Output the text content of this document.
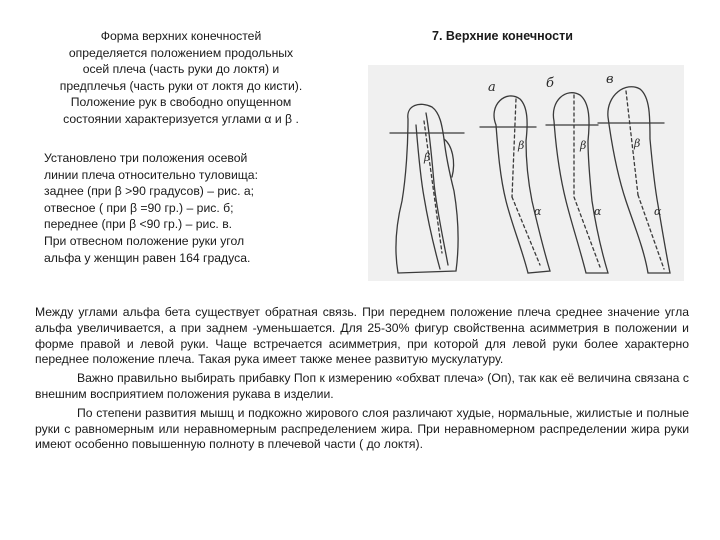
Форма верхних конечностей

определяется положением продольных

осей плеча (часть руки до локтя) и

предплечья (часть руки от локтя до кисти).

Положение рук в свободно опущенном

состоянии характеризуется углами α и β .

Установлено три положения осевой

линии плеча относительно туловища:

заднее (при β >90 градусов) – рис. а;

отвесное ( при β =90 гр.) – рис. б;

переднее (при β <90 гр.) – рис. в.

При отвесном положение руки угол

альфа у женщин равен 164 градуса.

7. Верхние конечности
а	б	в
β
β
α
β
α
β
α

Между углами альфа бета существует обратная связь. При переднем положение плеча среднее значение угла альфа увеличивается, а при заднем -уменьшается. Для 25-30% фигур свойственна асимметрия в положении и форме правой и левой руки. Чаще встречается асимметрия, при которой для левой руки более характерно переднее положение плеча. Такая рука имеет также менее развитую мускулатуру.

Важно правильно выбирать прибавку Поп к измерению «обхват плеча» (Оп), так как её величина связана с внешним восприятием положения рукава в изделии.

По степени развития мышц и подкожно жирового слоя различают худые, нормальные, жилистые и полные руки с равномерным или неравномерным распределением жира. При неравномерном распределении жира руки имеют особенно повышенную полноту в плечевой части ( до локтя).
